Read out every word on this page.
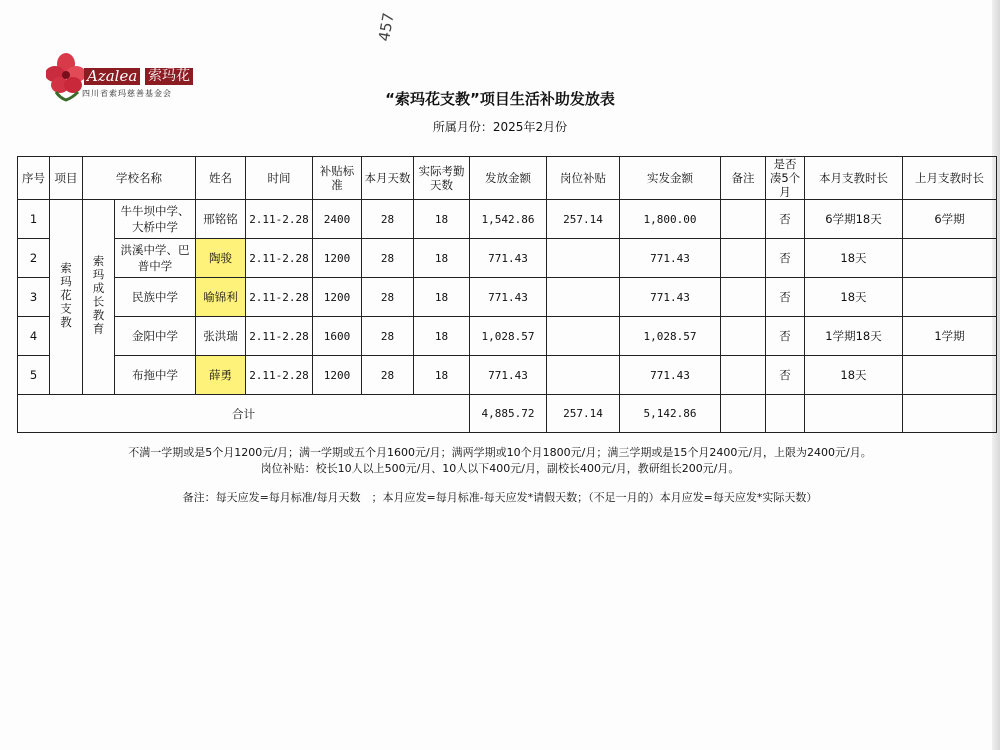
Azalea 索玛花
四川省索玛慈善基金会
457
“索玛花支教”项目生活补助发放表
所属月份：2025年2月份
序号	项目	学校名称		姓名	时间	补贴标准	本月天数	实际考勤天数	发放金额	岗位补贴	实发金额	备注	是否凑5个月	本月支教时长	上月支教时长
1	索玛花支教	索玛成长教育	牛牛坝中学、大桥中学	邢铭铭	2.11-2.28	2400	28	18	1,542.86	257.14	1,800.00		否	6学期18天	6学期
2			洪溪中学、巴普中学	陶骏	2.11-2.28	1200	28	18	771.43		771.43		否	18天	
3			民族中学	喻锦利	2.11-2.28	1200	28	18	771.43		771.43		否	18天	
4			金阳中学	张洪瑞	2.11-2.28	1600	28	18	1,028.57		1,028.57		否	1学期18天	1学期
5			布拖中学	薛勇	2.11-2.28	1200	28	18	771.43		771.43		否	18天	
合计									4,885.72	257.14	5,142.86				
不满一学期或是5个月1200元/月；满一学期或五个月1600元/月；满两学期或10个月1800元/月；满三学期或是15个月2400元/月，上限为2400元/月。
岗位补贴：校长10人以上500元/月、10人以下400元/月，副校长400元/月，教研组长200元/月。
备注：每天应发=每月标准/每月天数　；本月应发=每月标准-每天应发*请假天数；（不足一月的）本月应发=每天应发*实际天数）
